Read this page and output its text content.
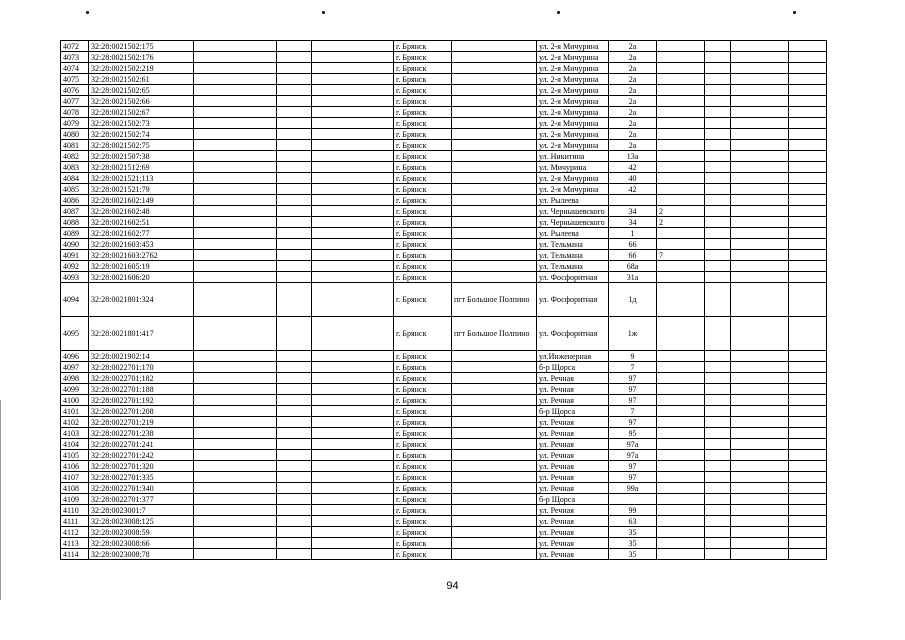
4072	32:28:0021502:175				г. Брянск		ул. 2-я Мичурина	2а				
4073	32:28:0021502:176				г. Брянск		ул. 2-я Мичурина	2а				
4074	32:28:0021502:219				г. Брянск		ул. 2-я Мичурина	2а				
4075	32:28:0021502:61				г. Брянск		ул. 2-я Мичурина	2а				
4076	32:28:0021502:65				г. Брянск		ул. 2-я Мичурина	2а				
4077	32:28:0021502:66				г. Брянск		ул. 2-я Мичурина	2а				
4078	32:28:0021502:67				г. Брянск		ул. 2-я Мичурина	2а				
4079	32:28:0021502:73				г. Брянск		ул. 2-я Мичурина	2а				
4080	32:28:0021502:74				г. Брянск		ул. 2-я Мичурина	2а				
4081	32:28:0021502:75				г. Брянск		ул. 2-я Мичурина	2а				
4082	32:28:0021507:38				г. Брянск		ул. Никитина	13а				
4083	32:28:0021512:69				г. Брянск		ул. Мичурина	42				
4084	32:28:0021521:113				г. Брянск		ул. 2-я Мичурина	40				
4085	32:28:0021521:79				г. Брянск		ул. 2-я Мичурина	42				
4086	32:28:0021602:149				г. Брянск		ул. Рылеева					
4087	32:28:0021602:48				г. Брянск		ул. Чернышевского	34	2			
4088	32:28:0021602:51				г. Брянск		ул. Чернышевского	34	2			
4089	32:28:0021602:77				г. Брянск		ул. Рылеева	1				
4090	32:28:0021603:453				г. Брянск		ул. Тельмана	66				
4091	32:28:0021603:2762				г. Брянск		ул. Тельмана	66	7			
4092	32:28:0021605:19				г. Брянск		ул. Тельмана	68а				
4093	32:28:0021606:20				г. Брянск		ул. Фосфоритная	31а				
4094	32:28:0021801:324				г. Брянск	пгт Большое Полпино	ул. Фосфоритная	1д				
4095	32:28:0021801:417				г. Брянск	пгт Большое Полпино	ул. Фосфоритная	1ж				
4096	32:28:0021902:14				г. Брянск		ул.Инженерная	9				
4097	32:28:0022701:170				г. Брянск		б-р Щорса	7				
4098	32:28:0022701:182				г. Брянск		ул. Речная	97				
4099	32:28:0022701:188				г. Брянск		ул. Речная	97				
4100	32:28:0022701:192				г. Брянск		ул. Речная	97				
4101	32:28:0022701:208				г. Брянск		б-р Щорса	7				
4102	32:28:0022701:219				г. Брянск		ул. Речная	97				
4103	32:28:0022701:238				г. Брянск		ул. Речная	95				
4104	32:28:0022701:241				г. Брянск		ул. Речная	97а				
4105	32:28:0022701:242				г. Брянск		ул. Речная	97а				
4106	32:28:0022701:320				г. Брянск		ул. Речная	97				
4107	32:28:0022701:335				г. Брянск		ул. Речная	97				
4108	32:28:0022701:340				г. Брянск		ул. Речная	99а				
4109	32:28:0022701:377				г. Брянск		б-р Щорса					
4110	32:28:0023001:7				г. Брянск		ул. Речная	99				
4111	32:28:0023008:125				г. Брянск		ул. Речная	63				
4112	32:28:0023008:59				г. Брянск		ул. Речная	35				
4113	32:28:0023008:66				г. Брянск		ул. Речная	35				
4114	32:28:0023008:78				г. Брянск		ул. Речная	35				
94
